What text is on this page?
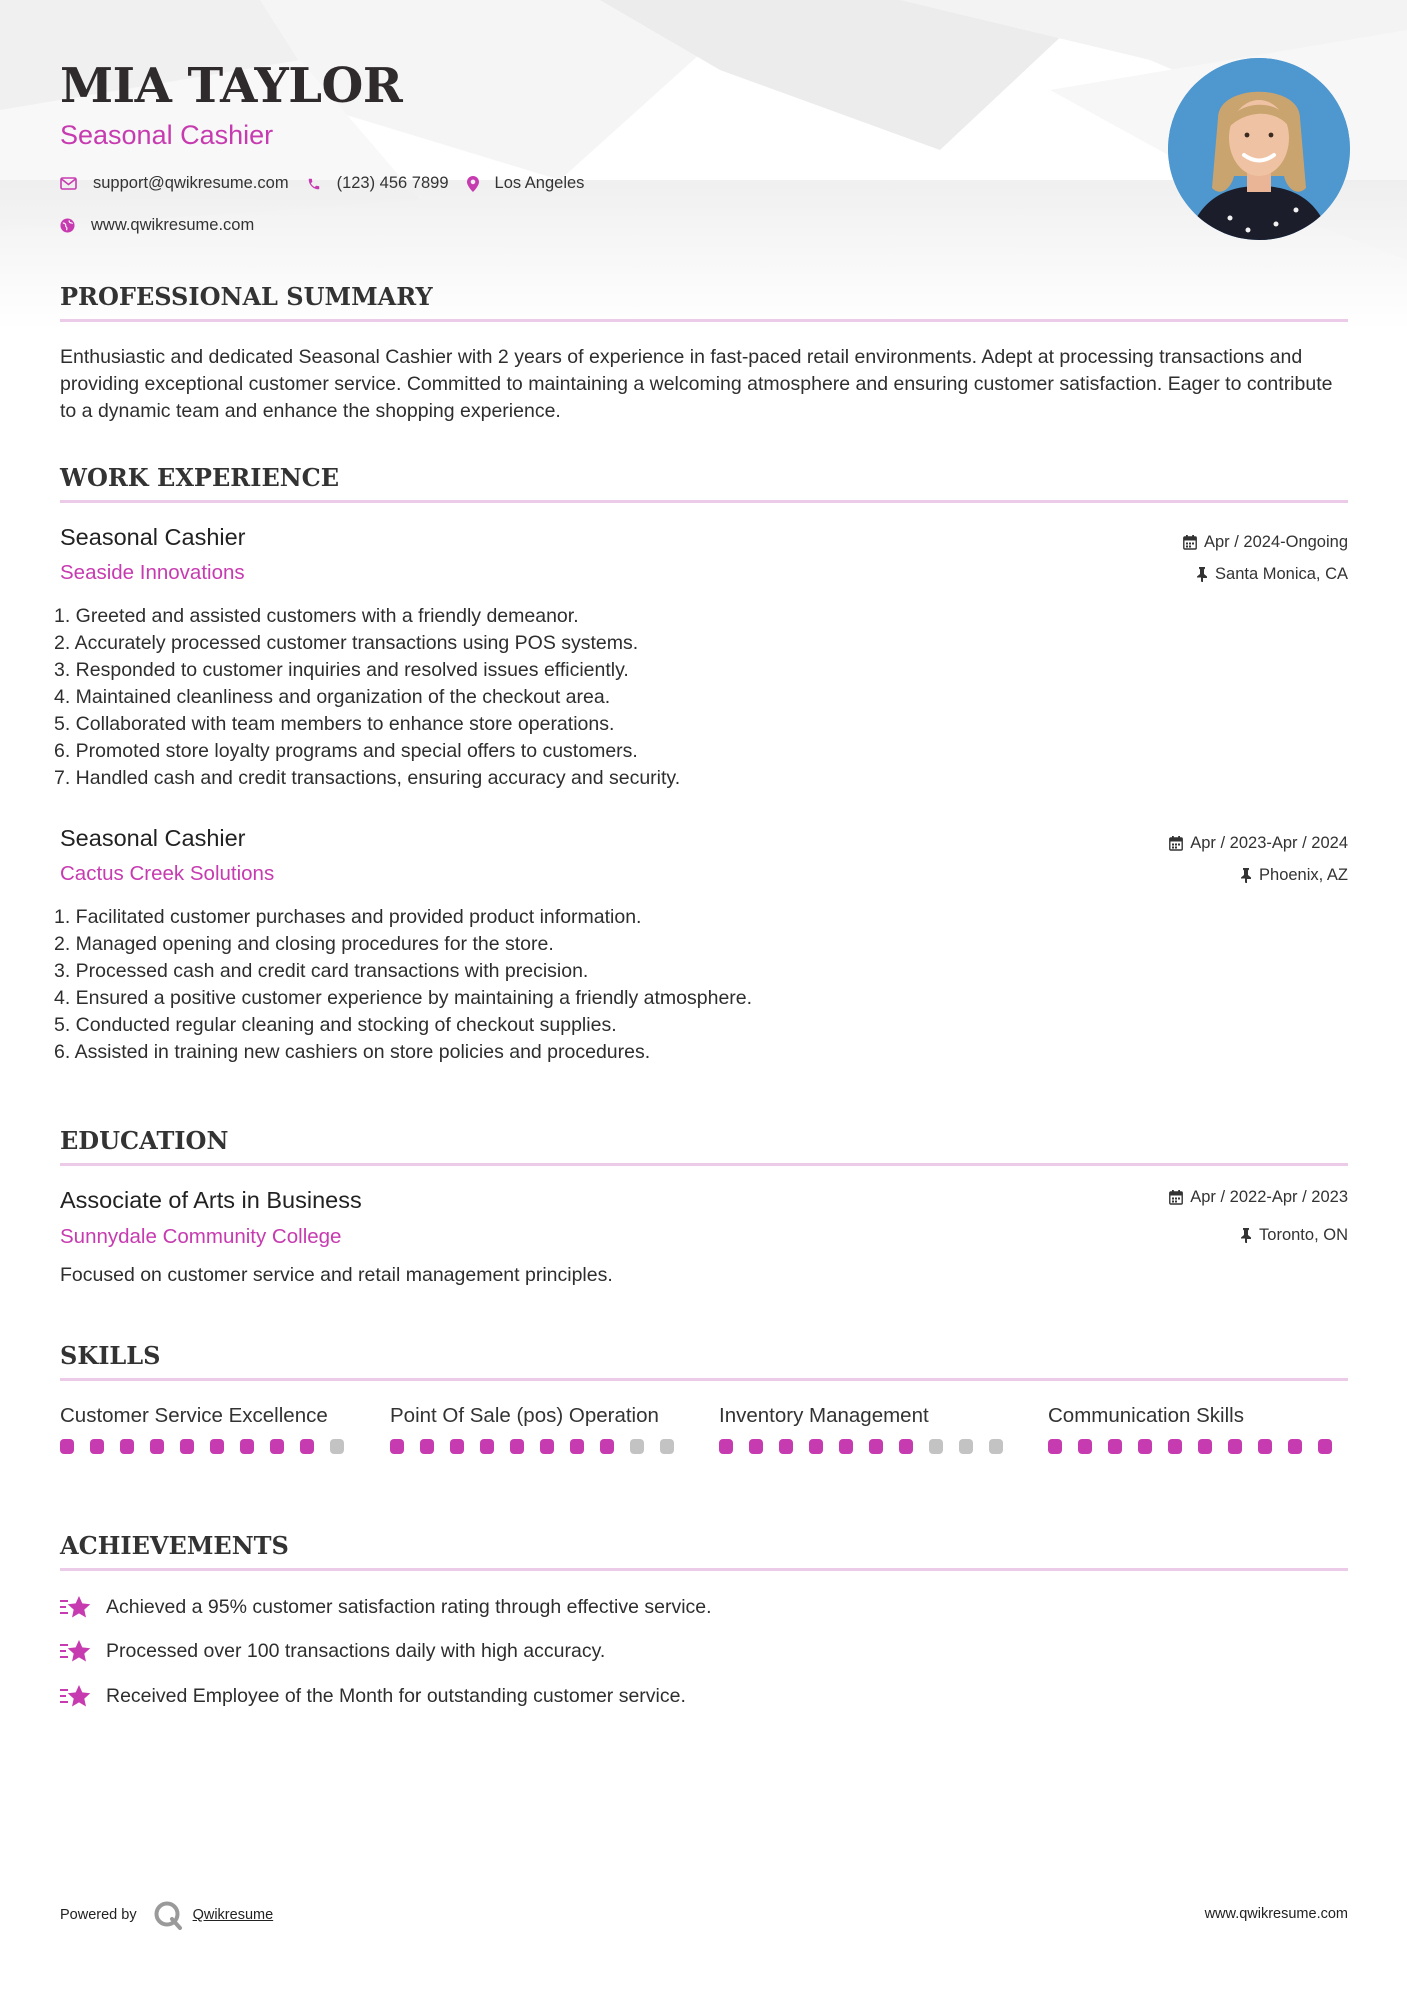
MIA TAYLOR
Seasonal Cashier
support@qwikresume.com	(123) 456 7899	Los Angeles
www.qwikresume.com
PROFESSIONAL SUMMARY

Enthusiastic and dedicated Seasonal Cashier with 2 years of experience in fast-paced retail environments. Adept at processing transactions and providing exceptional customer service. Committed to maintaining a welcoming atmosphere and ensuring customer satisfaction. Eager to contribute to a dynamic team and enhance the shopping experience.

WORK EXPERIENCE
Seasonal Cashier
Seaside Innovations
Apr / 2024-Ongoing
Santa Monica, CA
1. Greeted and assisted customers with a friendly demeanor.
2. Accurately processed customer transactions using POS systems.
3. Responded to customer inquiries and resolved issues efficiently.
4. Maintained cleanliness and organization of the checkout area.
5. Collaborated with team members to enhance store operations.
6. Promoted store loyalty programs and special offers to customers.
7. Handled cash and credit transactions, ensuring accuracy and security.
Seasonal Cashier
Cactus Creek Solutions
Apr / 2023-Apr / 2024
Phoenix, AZ
1. Facilitated customer purchases and provided product information.
2. Managed opening and closing procedures for the store.
3. Processed cash and credit card transactions with precision.
4. Ensured a positive customer experience by maintaining a friendly atmosphere.
5. Conducted regular cleaning and stocking of checkout supplies.
6. Assisted in training new cashiers on store policies and procedures.
EDUCATION
Associate of Arts in Business
Sunnydale Community College
Apr / 2022-Apr / 2023
Toronto, ON

Focused on customer service and retail management principles.

SKILLS
Customer Service Excellence	Point Of Sale (pos) Operation	Inventory Management	Communication Skills
ACHIEVEMENTS
Achieved a 95% customer satisfaction rating through effective service.
Processed over 100 transactions daily with high accuracy.
Received Employee of the Month for outstanding customer service.
Powered by	Qwikresume	www.qwikresume.com
